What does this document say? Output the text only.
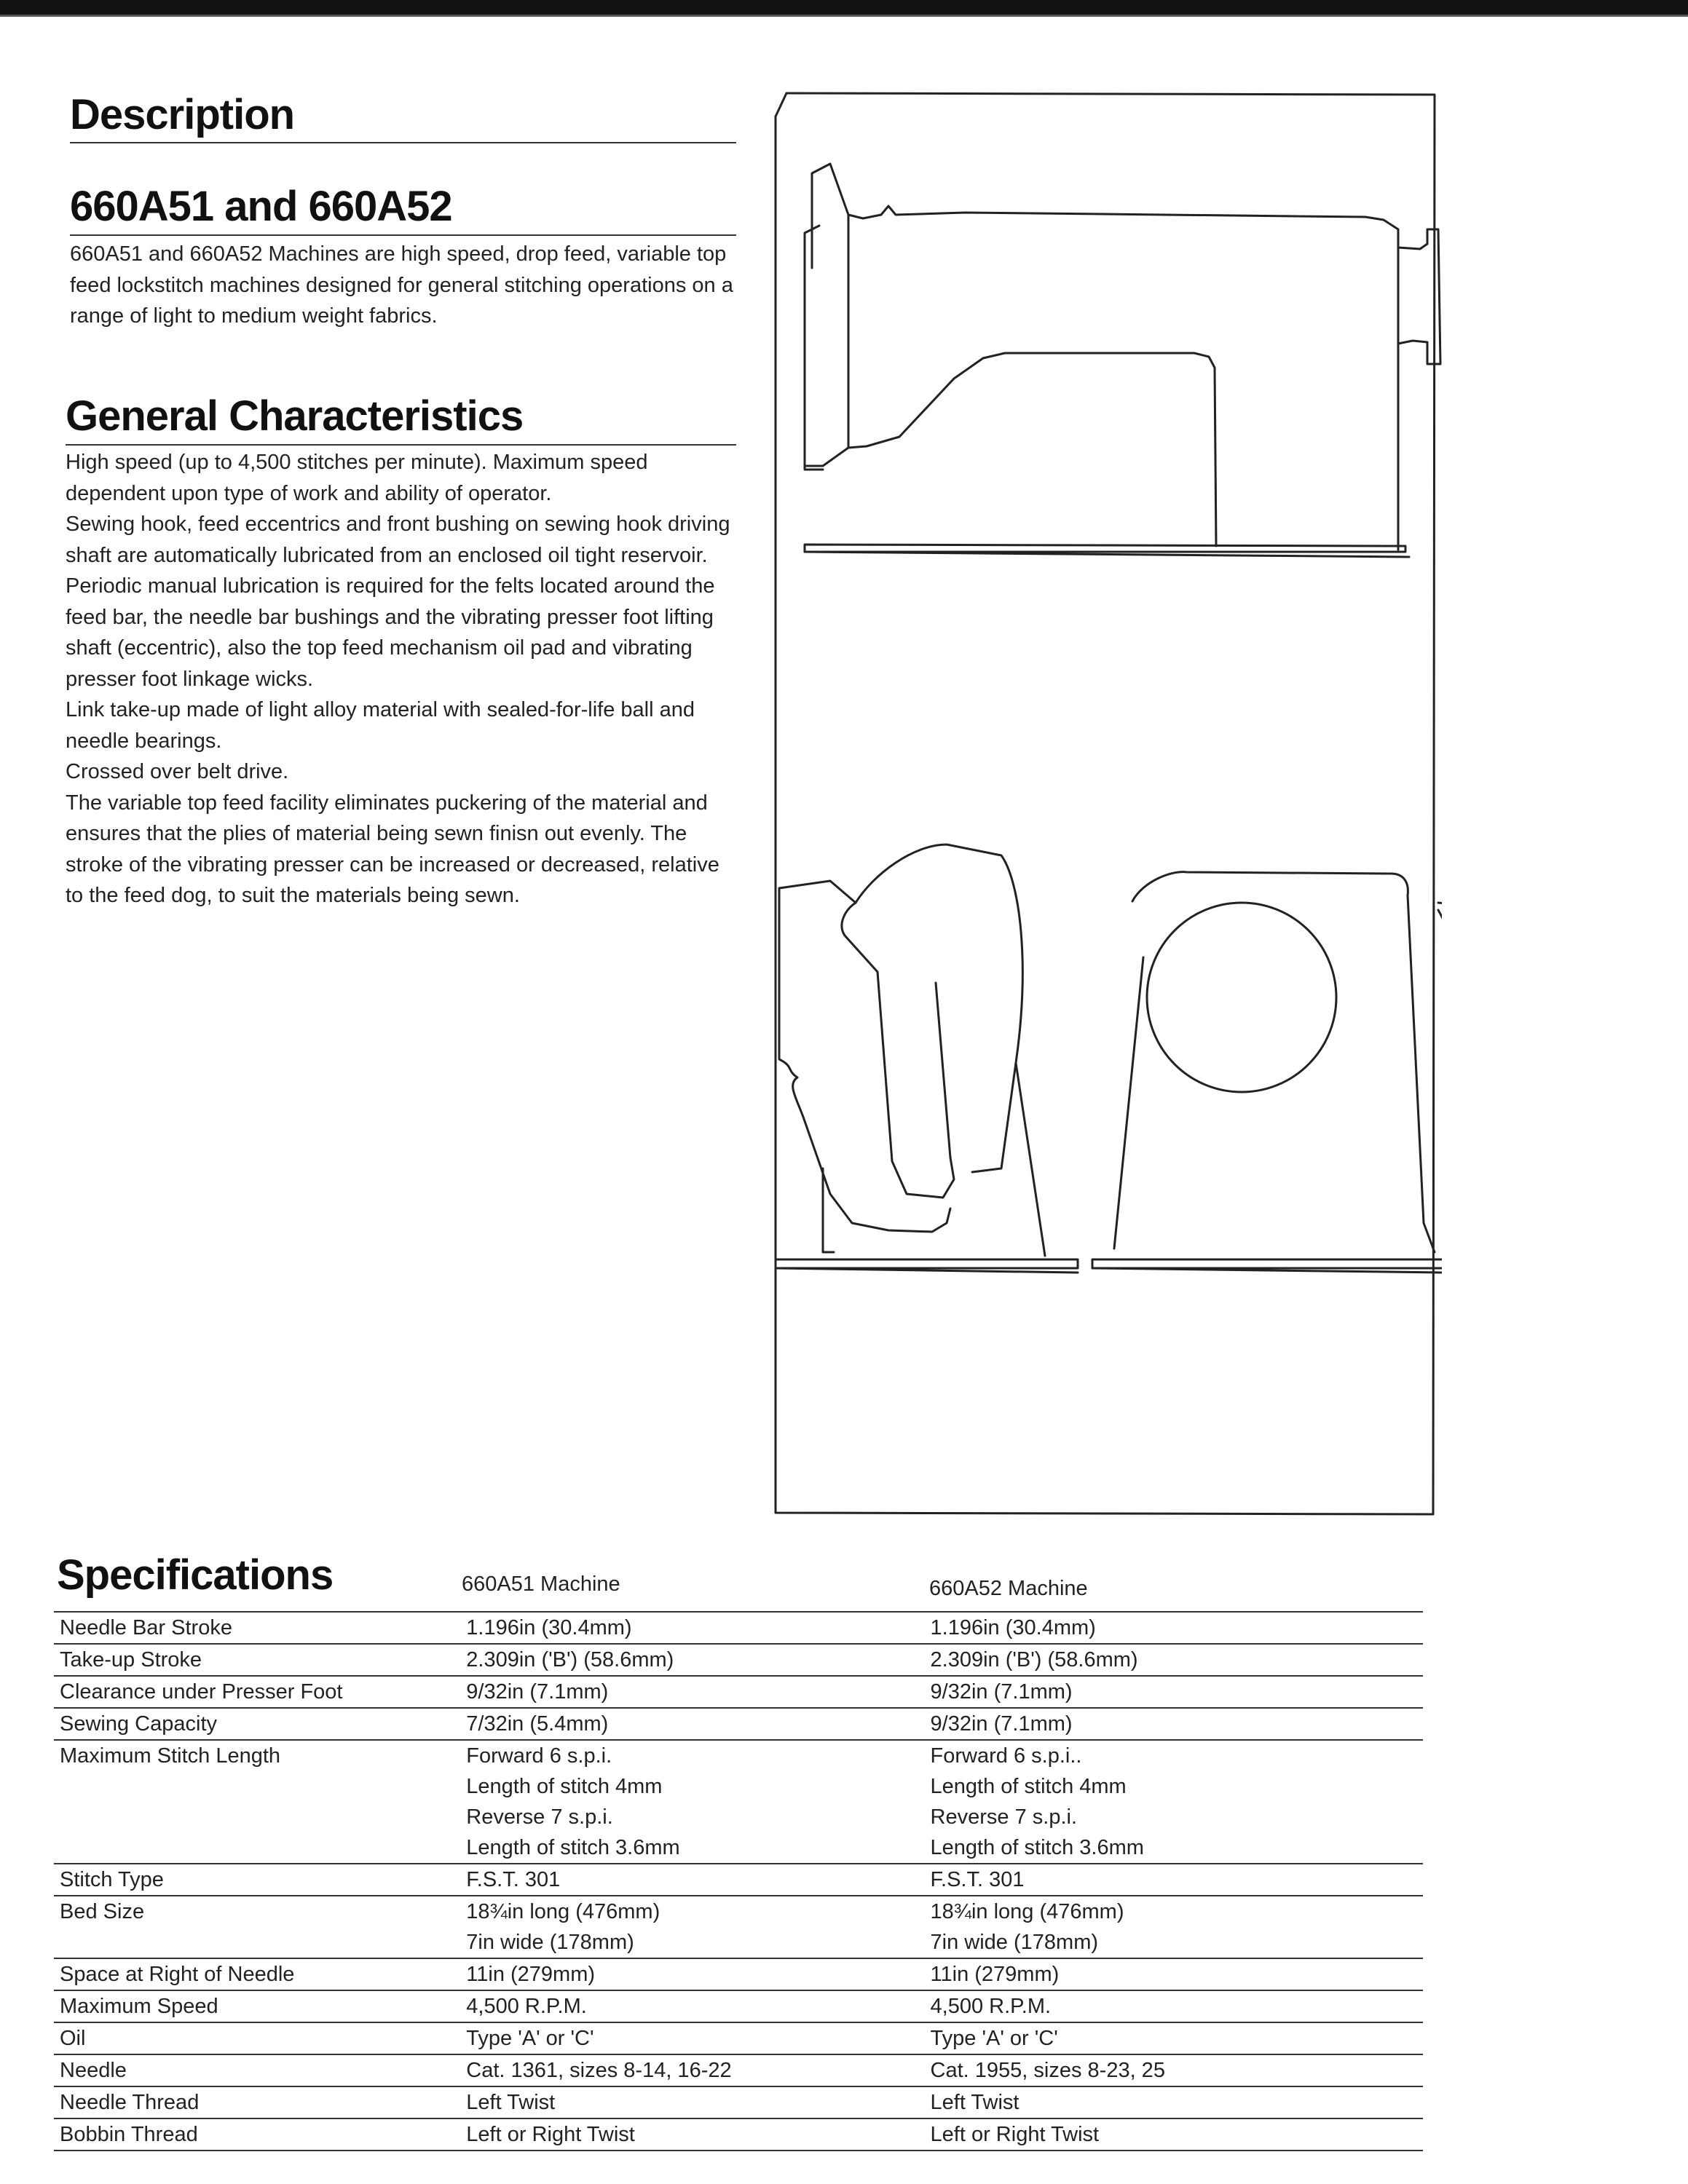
Description
660A51 and 660A52

660A51 and 660A52 Machines are high speed, drop feed, variable top feed lockstitch machines designed for general stitching operations on a range of light to medium weight fabrics.

General Characteristics

High speed (up to 4,500 stitches per minute). Maximum speed dependent upon type of work and ability of operator.

Sewing hook, feed eccentrics and front bushing on sewing hook driving shaft are automatically lubricated from an enclosed oil tight reservoir. Periodic manual lubrication is required for the felts located around the feed bar, the needle bar bushings and the vibrating presser foot lifting shaft (eccentric), also the top feed mechanism oil pad and vibrating presser foot linkage wicks.

Link take-up made of light alloy material with sealed-for-life ball and needle bearings.

Crossed over belt drive.

The variable top feed facility eliminates puckering of the material and ensures that the plies of material being sewn finisn out evenly. The stroke of the vibrating presser can be increased or decreased, relative to the feed dog, to suit the materials being sewn.

Specifications	660A51 Machine	660A52 Machine
Needle Bar Stroke	1.196in (30.4mm)	1.196in (30.4mm)

Take-up Stroke	2.309in ('B') (58.6mm)	2.309in ('B') (58.6mm)

Clearance under Presser Foot	9/32in (7.1mm)	9/32in (7.1mm)

Sewing Capacity	7/32in (5.4mm)	9/32in (7.1mm)

Maximum Stitch Length	Forward 6 s.p.i.
Length of stitch 4mm
Reverse 7 s.p.i.
Length of stitch 3.6mm	Forward 6 s.p.i..
Length of stitch 4mm
Reverse 7 s.p.i.
Length of stitch 3.6mm

Stitch Type	F.S.T. 301	F.S.T. 301

Bed Size	18¾in long (476mm)
7in wide (178mm)	18¾in long (476mm)
7in wide (178mm)

Space at Right of Needle	11in (279mm)	11in (279mm)

Maximum Speed	4,500 R.P.M.	4,500 R.P.M.

Oil	Type 'A' or 'C'	Type 'A' or 'C'

Needle	Cat. 1361, sizes 8-14, 16-22	Cat. 1955, sizes 8-23, 25

Needle Thread	Left Twist	Left Twist

Bobbin Thread	Left or Right Twist	Left or Right Twist
